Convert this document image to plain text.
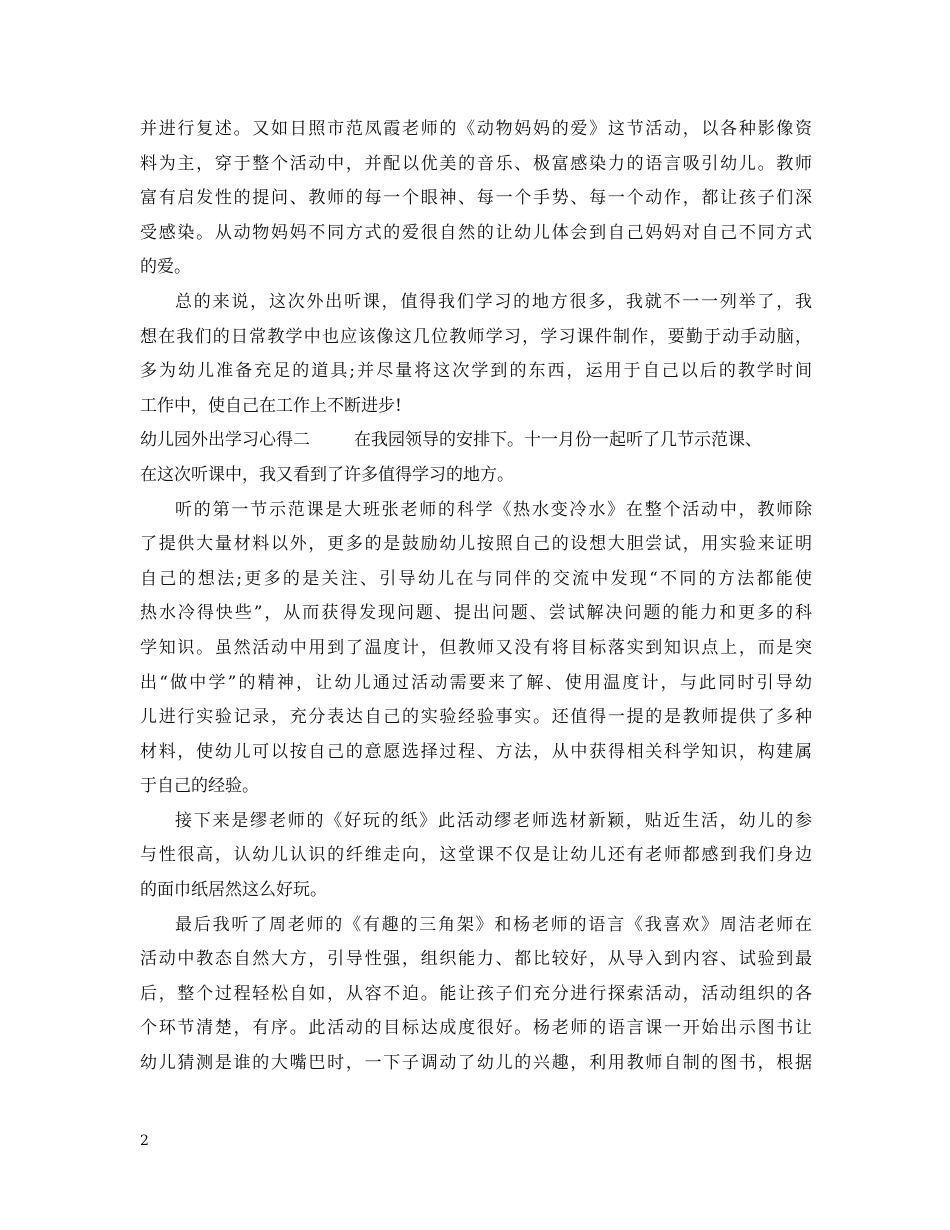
并进行复述。又如日照市范凤霞老师的《动物妈妈的爱》这节活动，以各种影像资
料为主，穿于整个活动中，并配以优美的音乐、极富感染力的语言吸引幼儿。教师
富有启发性的提问、教师的每一个眼神、每一个手势、每一个动作，都让孩子们深
受感染。从动物妈妈不同方式的爱很自然的让幼儿体会到自己妈妈对自己不同方式
的爱。
总的来说，这次外出听课，值得我们学习的地方很多，我就不一一列举了，我
想在我们的日常教学中也应该像这几位教师学习，学习课件制作，要勤于动手动脑，
多为幼儿准备充足的道具;并尽量将这次学到的东西，运用于自己以后的教学时间
工作中，使自己在工作上不断进步!
幼儿园外出学习心得二	在我园领导的安排下。十一月份一起听了几节示范课、
在这次听课中，我又看到了许多值得学习的地方。
听的第一节示范课是大班张老师的科学《热水变冷水》在整个活动中，教师除
了提供大量材料以外，更多的是鼓励幼儿按照自己的设想大胆尝试，用实验来证明
自己的想法;更多的是关注、引导幼儿在与同伴的交流中发现“不同的方法都能使
热水冷得快些”，从而获得发现问题、提出问题、尝试解决问题的能力和更多的科
学知识。虽然活动中用到了温度计，但教师又没有将目标落实到知识点上，而是突
出“做中学”的精神，让幼儿通过活动需要来了解、使用温度计，与此同时引导幼
儿进行实验记录，充分表达自己的实验经验事实。还值得一提的是教师提供了多种
材料，使幼儿可以按自己的意愿选择过程、方法，从中获得相关科学知识，构建属
于自己的经验。
接下来是缪老师的《好玩的纸》此活动缪老师选材新颖，贴近生活，幼儿的参
与性很高，认幼儿认识的纤维走向，这堂课不仅是让幼儿还有老师都感到我们身边
的面巾纸居然这么好玩。
最后我听了周老师的《有趣的三角架》和杨老师的语言《我喜欢》周洁老师在
活动中教态自然大方，引导性强，组织能力、都比较好，从导入到内容、试验到最
后，整个过程轻松自如，从容不迫。能让孩子们充分进行探索活动，活动组织的各
个环节清楚，有序。此活动的目标达成度很好。杨老师的语言课一开始出示图书让
幼儿猜测是谁的大嘴巴时，一下子调动了幼儿的兴趣，利用教师自制的图书，根据
2
